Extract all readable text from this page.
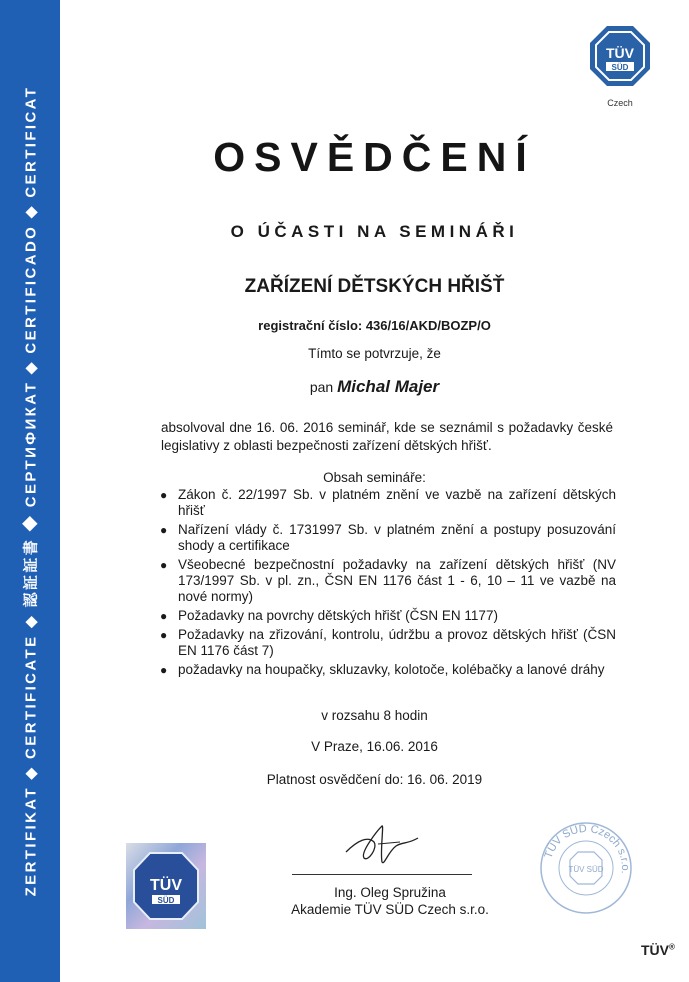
ZERTIFIKAT ◆ CERTIFICATE ◆ 認証証書 ◆ СЕРТИФИКАТ ◆ CERTIFICADO ◆ CERTIFICAT
TÜV
SÜD
Czech
OSVĚDČENÍ
O ÚČASTI NA SEMINÁŘI
ZAŘÍZENÍ DĚTSKÝCH HŘIŠŤ
registrační číslo: 436/16/AKD/BOZP/O
Tímto se potvrzuje, že
pan Michal Majer
absolvoval dne 16. 06. 2016 seminář, kde se seznámil s požadavky české legislativy z oblasti bezpečnosti zařízení dětských hřišť.
Obsah semináře:
● Zákon č. 22/1997 Sb. v platném znění ve vazbě na zařízení dětských hřišť
● Nařízení vlády č. 1731997 Sb. v platném znění a postupy posuzování shody a certifikace
● Všeobecné bezpečnostní požadavky na zařízení dětských hřišť (NV 173/1997 Sb. v pl. zn., ČSN EN 1176 část 1 - 6, 10 – 11 ve vazbě na nové normy)
● Požadavky na povrchy dětských hřišť (ČSN EN 1177)
● Požadavky na zřizování, kontrolu, údržbu a provoz dětských hřišť (ČSN EN 1176 část 7)
● požadavky na houpačky, skluzavky, kolotoče, kolébačky a lanové dráhy
v rozsahu 8 hodin
V Praze, 16.06. 2016
Platnost osvědčení do: 16. 06. 2019
Ing. Oleg Spružina
Akademie TÜV SÜD Czech s.r.o.
TÜV
SÜD
TÜV SÜD Czech s.r.o.
TÜV SÜD
TÜV®
